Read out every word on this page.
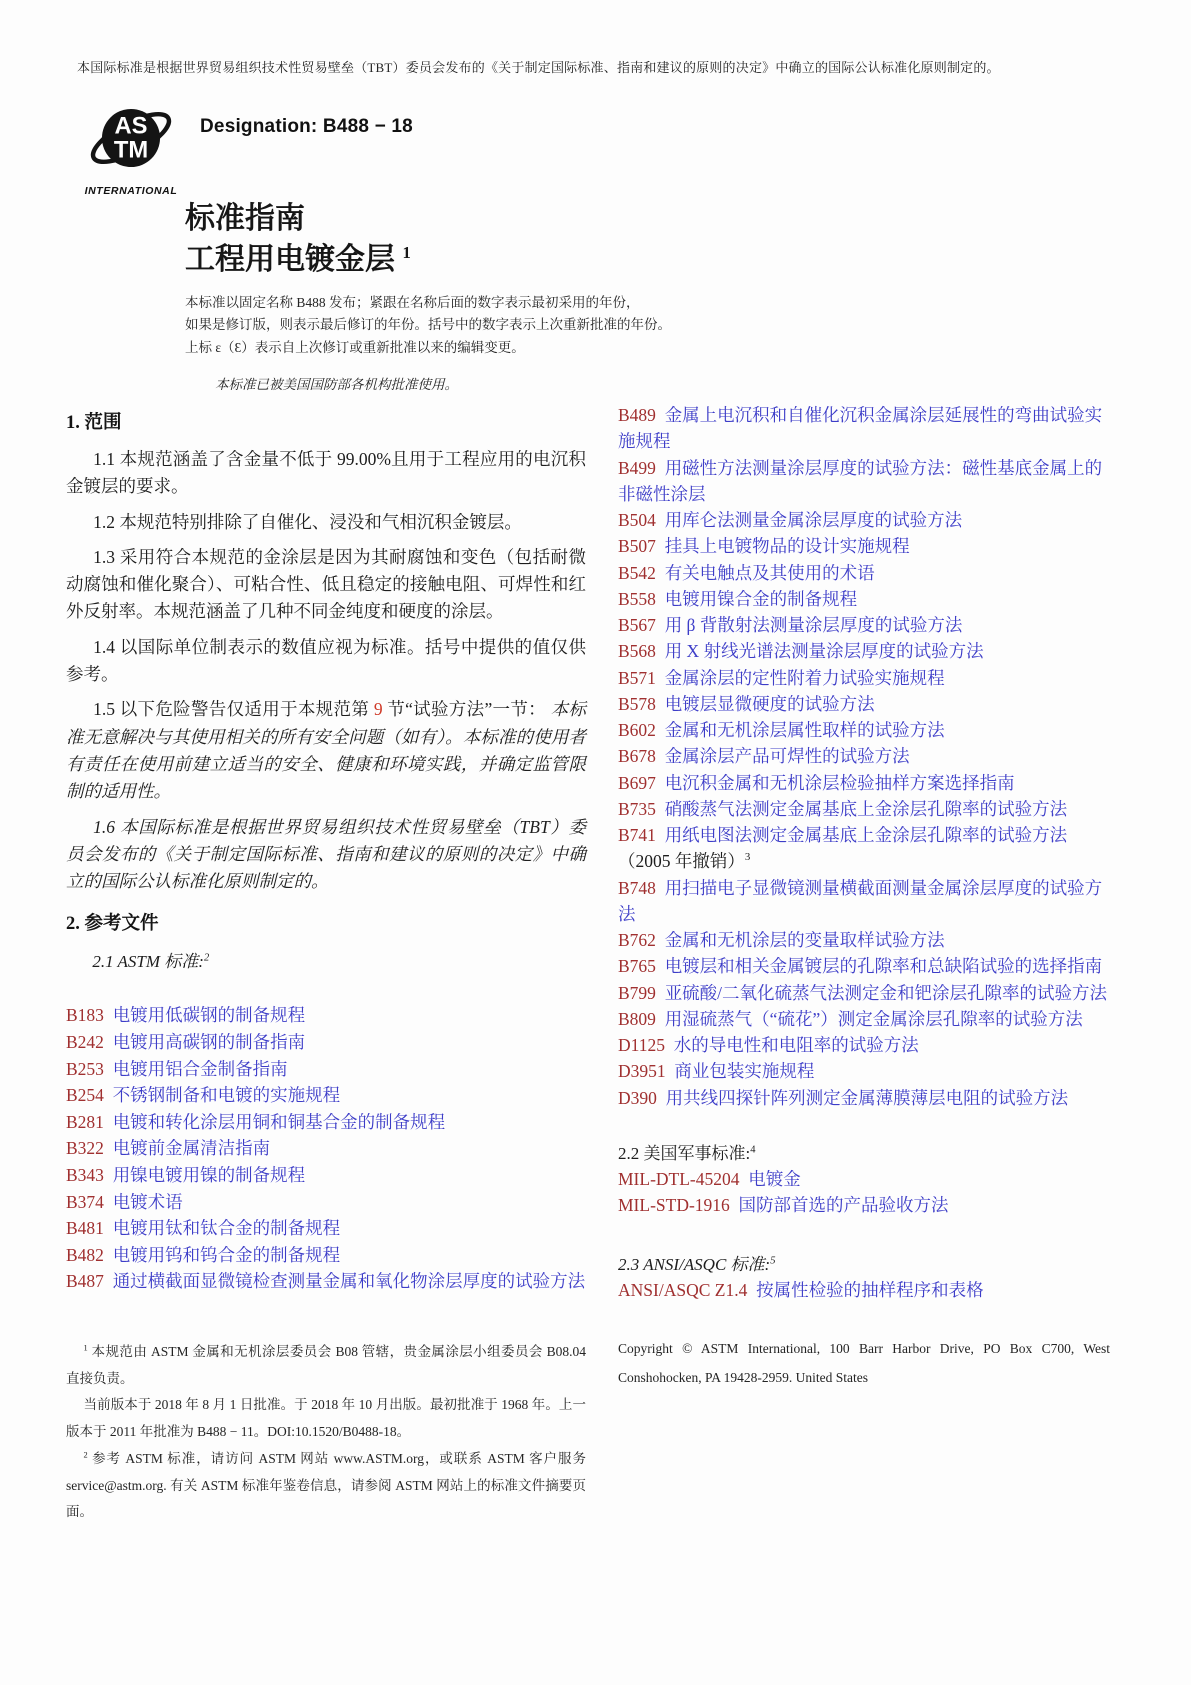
本国际标准是根据世界贸易组织技术性贸易壁垒（TBT）委员会发布的《关于制定国际标准、指南和建议的原则的决定》中确立的国际公认标准化原则制定的。
AS
TM
INTERNATIONAL
Designation: B488 − 18
标准指南
工程用电镀金层 $^1$
本标准以固定名称 B488 发布；紧跟在名称后面的数字表示最初采用的年份，
如果是修订版，则表示最后修订的年份。括号中的数字表示上次重新批准的年份。
上标 ε（Ɛ）表示自上次修订或重新批准以来的编辑变更。
本标准已被美国国防部各机构批准使用。
1. 范围

1.1 本规范涵盖了含金量不低于 99.00%且用于工程应用的电沉积金镀层的要求。

1.2 本规范特别排除了自催化、浸没和气相沉积金镀层。

1.3 采用符合本规范的金涂层是因为其耐腐蚀和变色（包括耐微动腐蚀和催化聚合）、可粘合性、低且稳定的接触电阻、可焊性和红外反射率。本规范涵盖了几种不同金纯度和硬度的涂层。

1.4 以国际单位制表示的数值应视为标准。括号中提供的值仅供参考。

1.5 以下危险警告仅适用于本规范第 9 节“试验方法”一节： 本标准无意解决与其使用相关的所有安全问题（如有）。本标准的使用者有责任在使用前建立适当的安全、健康和环境实践，并确定监管限制的适用性。

1.6 本国际标准是根据世界贸易组织技术性贸易壁垒（TBT）委员会发布的《关于制定国际标准、指南和建议的原则的决定》中确立的国际公认标准化原则制定的。

2. 参考文件

2.1 ASTM 标准:$^2$

B183 电镀用低碳钢的制备规程
B242 电镀用高碳钢的制备指南
B253 电镀用铝合金制备指南
B254 不锈钢制备和电镀的实施规程
B281 电镀和转化涂层用铜和铜基合金的制备规程
B322 电镀前金属清洁指南
B343 用镍电镀用镍的制备规程
B374 电镀术语
B481 电镀用钛和钛合金的制备规程
B482 电镀用钨和钨合金的制备规程
B487 通过横截面显微镜检查测量金属和氧化物涂层厚度的试验方法
$^1$ 本规范由 ASTM 金属和无机涂层委员会 B08 管辖，贵金属涂层小组委员会 B08.04 直接负责。
当前版本于 2018 年 8 月 1 日批准。于 2018 年 10 月出版。最初批准于 1968 年。上一版本于 2011 年批准为 B488 − 11。DOI:10.1520/B0488-18。
$^2$ 参考 ASTM 标准，请访问 ASTM 网站 www.ASTM.org，或联系 ASTM 客户服务 service@astm.org. 有关 ASTM 标准年鉴卷信息，请参阅 ASTM 网站上的标准文件摘要页面。
B489 金属上电沉积和自催化沉积金属涂层延展性的弯曲试验实施规程
B499 用磁性方法测量涂层厚度的试验方法：磁性基底金属上的非磁性涂层
B504 用库仑法测量金属涂层厚度的试验方法
B507 挂具上电镀物品的设计实施规程
B542 有关电触点及其使用的术语
B558 电镀用镍合金的制备规程
B567 用 β 背散射法测量涂层厚度的试验方法
B568 用 X 射线光谱法测量涂层厚度的试验方法
B571 金属涂层的定性附着力试验实施规程
B578 电镀层显微硬度的试验方法
B602 金属和无机涂层属性取样的试验方法
B678 金属涂层产品可焊性的试验方法
B697 电沉积金属和无机涂层检验抽样方案选择指南
B735 硝酸蒸气法测定金属基底上金涂层孔隙率的试验方法
B741 用纸电图法测定金属基底上金涂层孔隙率的试验方法（2005 年撤销）$^3$
B748 用扫描电子显微镜测量横截面测量金属涂层厚度的试验方法
B762 金属和无机涂层的变量取样试验方法
B765 电镀层和相关金属镀层的孔隙率和总缺陷试验的选择指南
B799 亚硫酸/二氧化硫蒸气法测定金和钯涂层孔隙率的试验方法
B809 用湿硫蒸气（“硫花”）测定金属涂层孔隙率的试验方法
D1125 水的导电性和电阻率的试验方法
D3951 商业包装实施规程
D390 用共线四探针阵列测定金属薄膜薄层电阻的试验方法

2.2 美国军事标准:$^4$

MIL-DTL-45204 电镀金
MIL-STD-1916 国防部首选的产品验收方法

2.3 ANSI/ASQC 标准:$^5$

ANSI/ASQC Z1.4 按属性检验的抽样程序和表格
Copyright © ASTM International, 100 Barr Harbor Drive, PO Box C700, West Conshohocken, PA 19428-2959. United States
